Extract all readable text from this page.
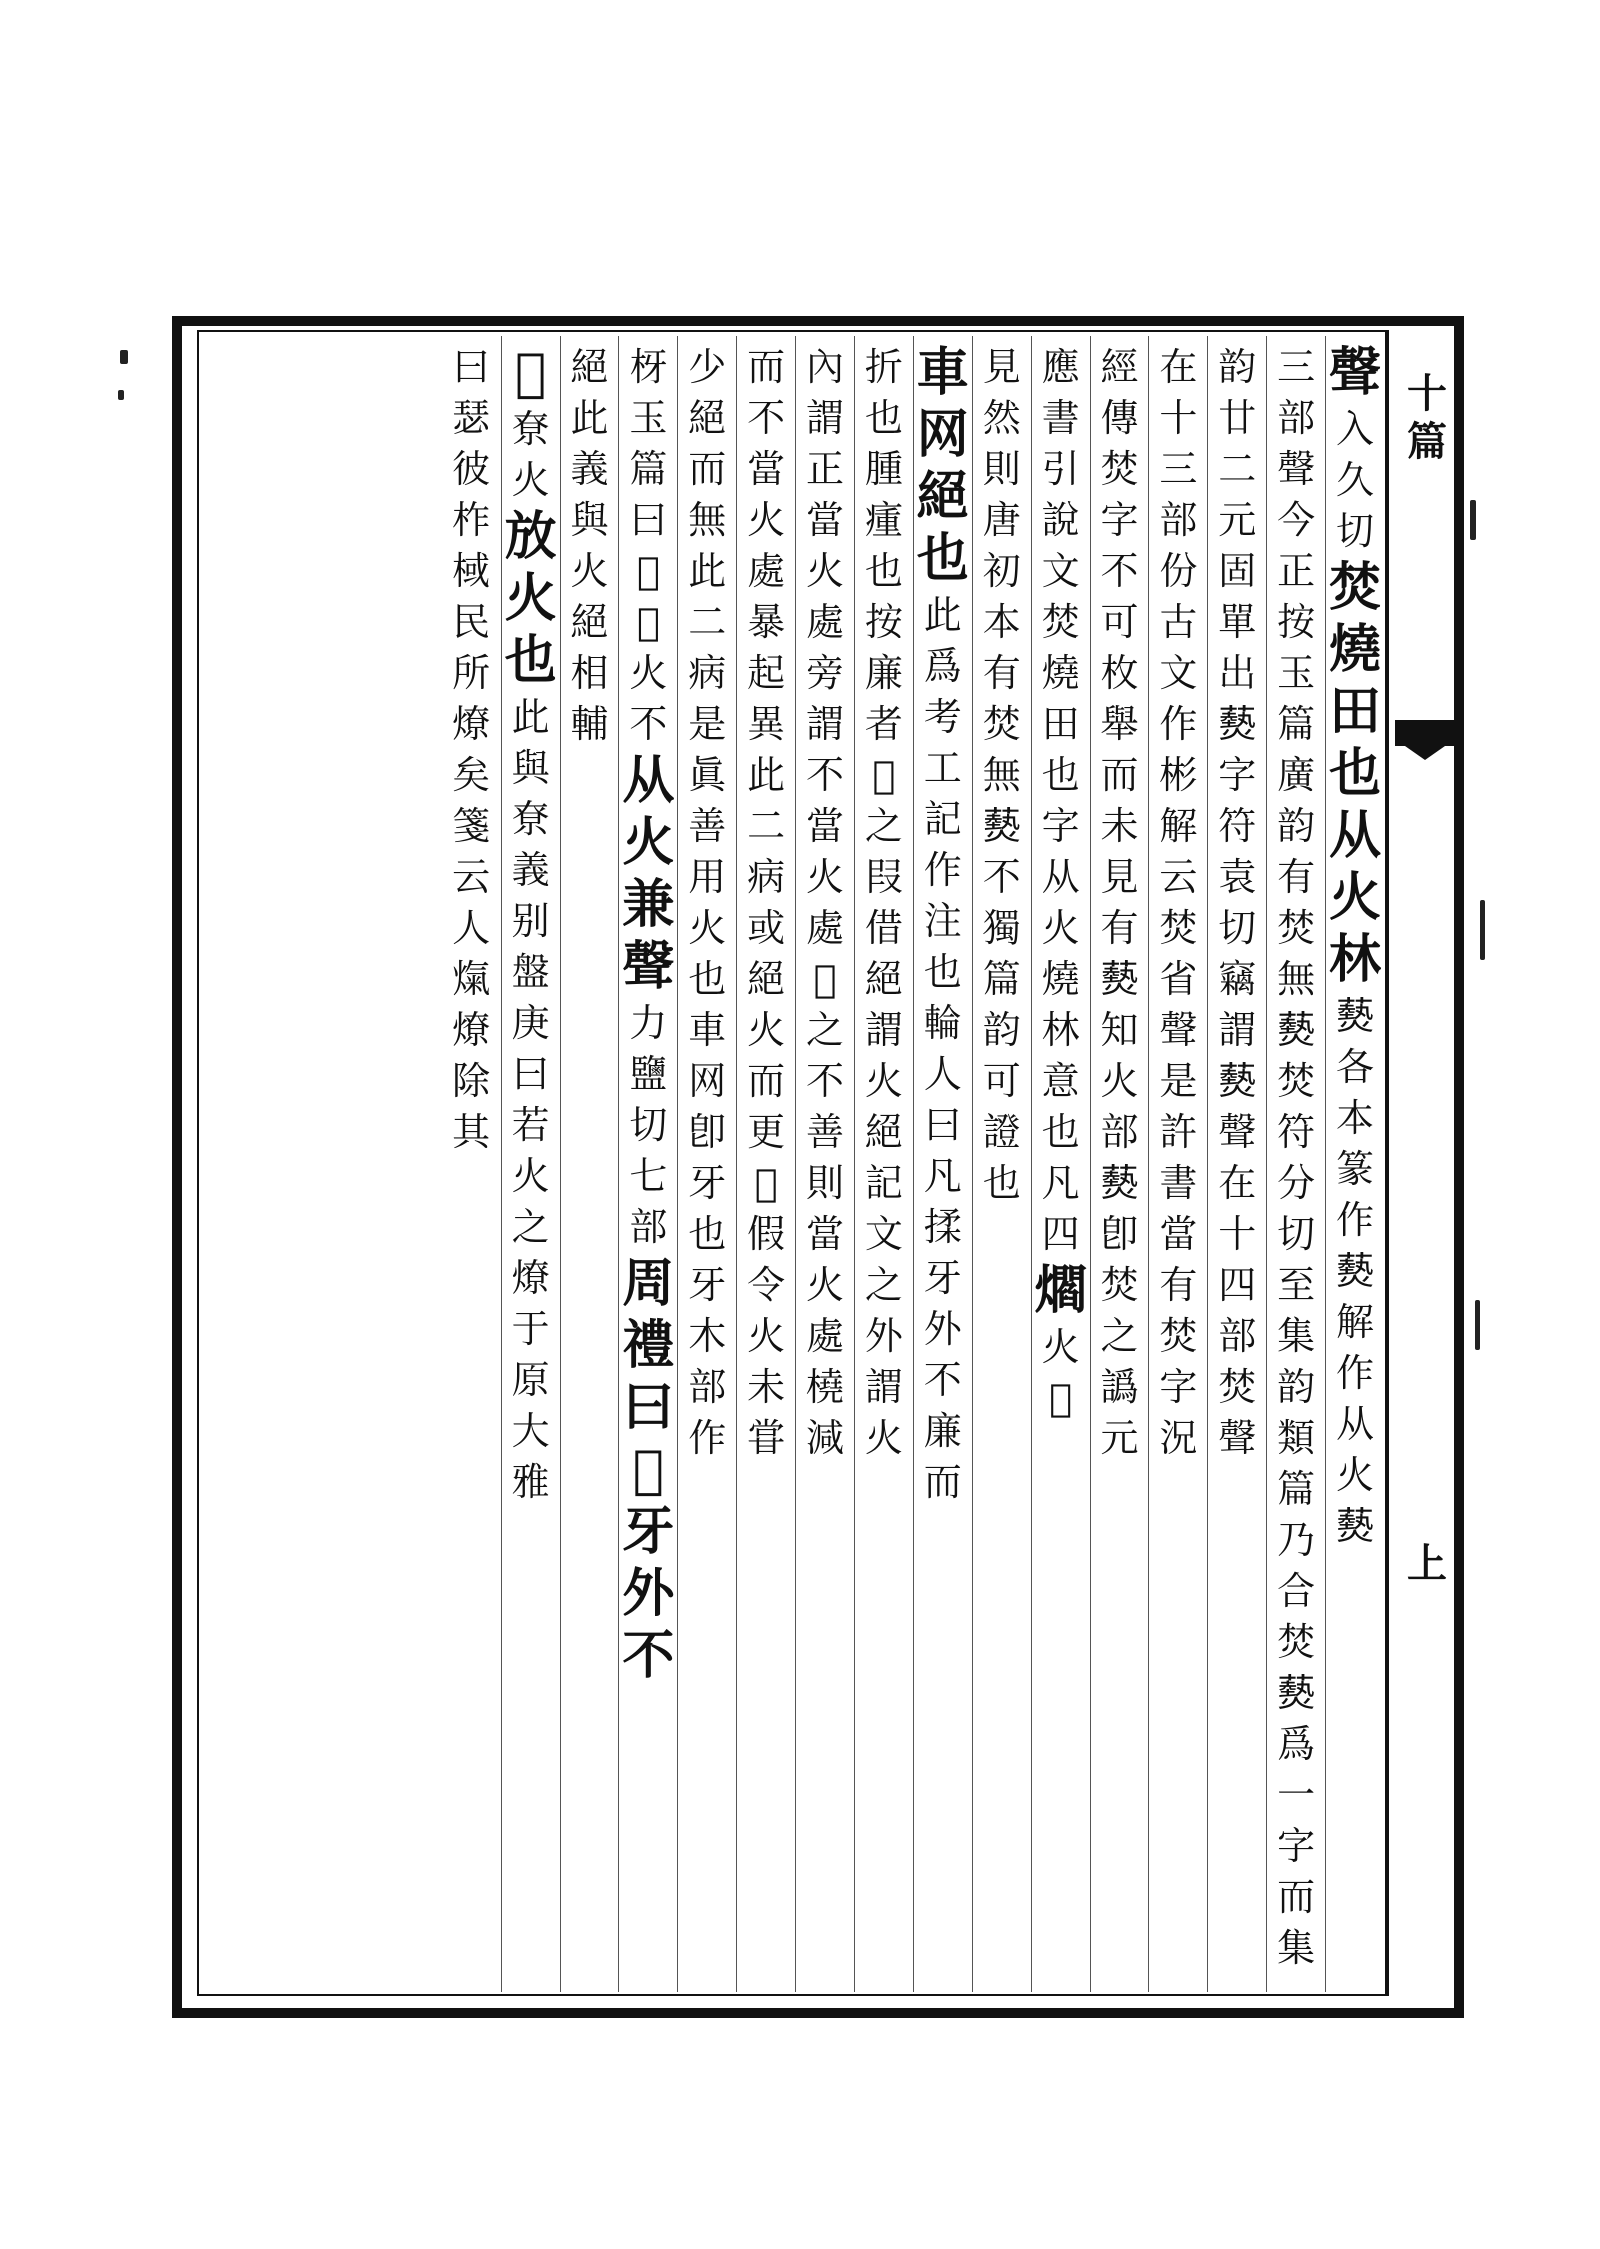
十
篇
上
聲
入
久
切
焚
燒
田
也
从
火
林
𤑔
各
本
篆
作
𤑔
解
作
从
火
𤑔
三
部
聲
今
正
按
玉
篇
廣
韵
有
焚
無
𤑔
焚
符
分
切
至
集
韵
類
篇
乃
合
焚
𤑔
爲
一
字
而
集
韵
廿
二
元
固
單
出
𤑔
字
符
袁
切
竊
謂
𤑔
聲
在
十
四
部
焚
聲
在
十
三
部
份
古
文
作
彬
解
云
焚
省
聲
是
許
書
當
有
焚
字
況
經
傳
焚
字
不
可
枚
舉
而
未
見
有
𤑔
知
火
部
𤑔
卽
焚
之
譌
元
應
書
引
說
文
焚
燒
田
也
字
从
火
燒
林
意
也
凡
四
爓
火
𤎅
見
然
則
唐
初
本
有
焚
無
𤑔
不
獨
篇
韵
可
證
也
車
网
絕
也
此
爲
考
工
記
作
注
也
輪
人
曰
凡
揉
牙
外
不
廉
而
折
也
腫
瘇
也
按
廉
者
𤓰
之
叚
借
絕
謂
火
絕
記
文
之
外
謂
火
內
謂
正
當
火
處
旁
謂
不
當
火
處
𤎅
之
不
善
則
當
火
處
橈
減
而
不
當
火
處
暴
起
異
此
二
病
或
絕
火
而
更
𤎅
假
令
火
未
甞
少
絕
而
無
此
二
病
是
眞
善
用
火
也
車
网
卽
牙
也
牙
木
部
作
枒
玉
篇
曰
𤓰
𤓰
火
不
从
火
兼
聲
力
鹽
切
七
部
周
禮
曰
𤎅
牙
外
不
絕
此
義
與
火
絕
相
輔
𤓰
尞
火
放
火
也
此
與
尞
義
别
盤
庚
曰
若
火
之
燎
于
原
大
雅
曰
瑟
彼
柞
棫
民
所
燎
矣
箋
云
人
熂
燎
除
其
